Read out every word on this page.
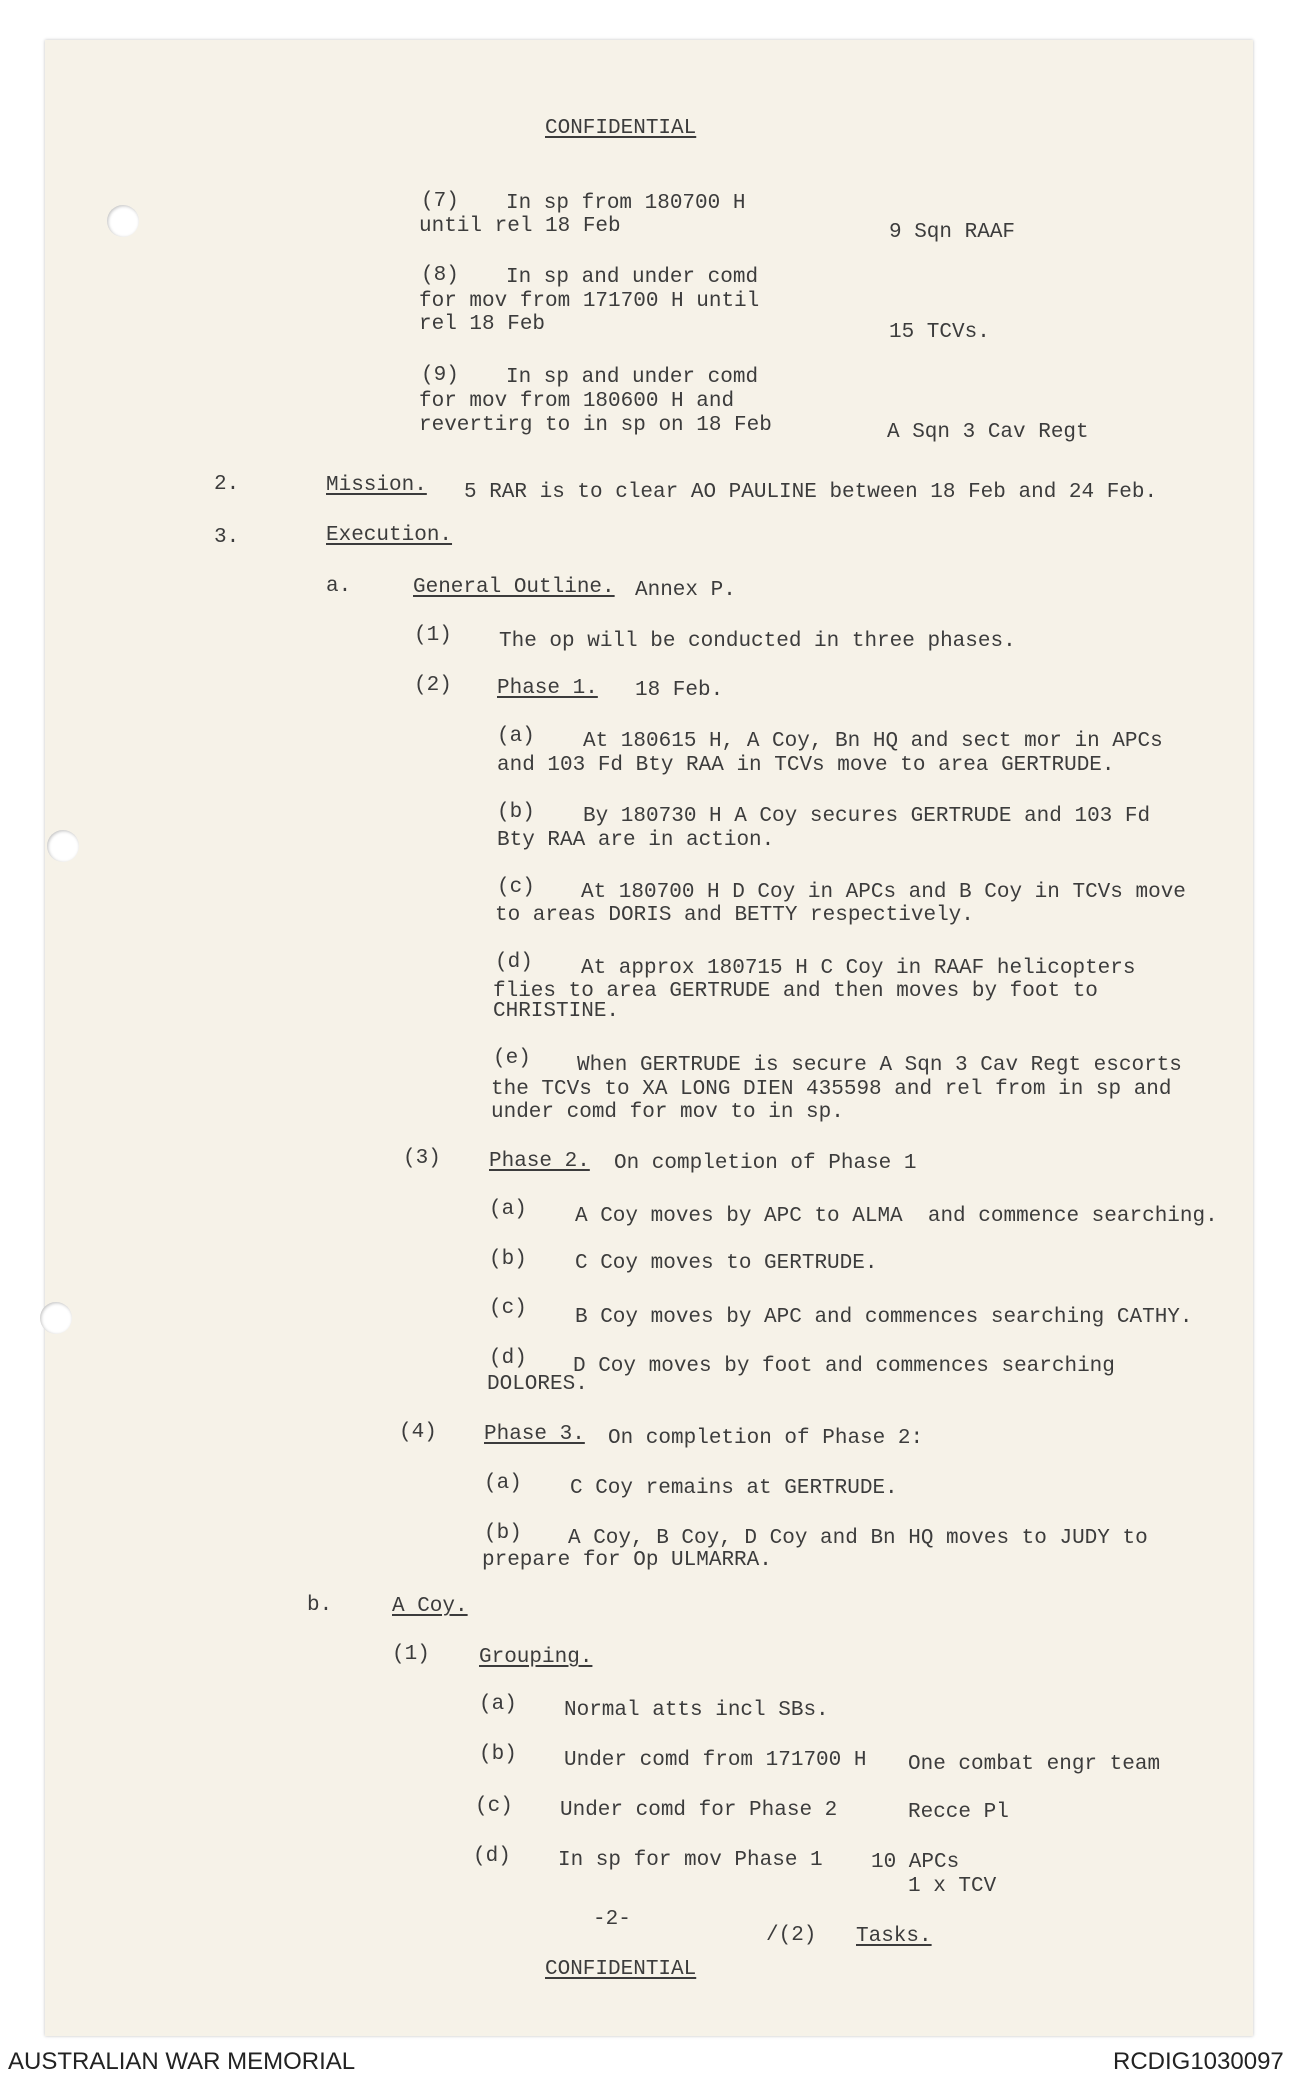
CONFIDENTIAL
(7) In sp from 180700 H
until rel 18 Feb	9 Sqn RAAF
(8) In sp and under comd
for mov from 171700 H until
rel 18 Feb	15 TCVs.
(9) In sp and under comd
for mov from 180600 H and
revertirg to in sp on 18 Feb	A Sqn 3 Cav Regt
2.	Mission. 5 RAR is to clear AO PAULINE between 18 Feb and 24 Feb.
3.	Execution.
a.	General Outline. Annex P.
(1) The op will be conducted in three phases.
(2) Phase 1. 18 Feb.
(a) At 180615 H, A Coy, Bn HQ and sect mor in APCs
and 103 Fd Bty RAA in TCVs move to area GERTRUDE.
(b) By 180730 H A Coy secures GERTRUDE and 103 Fd
Bty RAA are in action.
(c) At 180700 H D Coy in APCs and B Coy in TCVs move
to areas DORIS and BETTY respectively.
(d) At approx 180715 H C Coy in RAAF helicopters
flies to area GERTRUDE and then moves by foot to
CHRISTINE.
(e) When GERTRUDE is secure A Sqn 3 Cav Regt escorts
the TCVs to XA LONG DIEN 435598 and rel from in sp and
under comd for mov to in sp.
(3) Phase 2. On completion of Phase 1
(a) A Coy moves by APC to ALMA  and commence searching.
(b) C Coy moves to GERTRUDE.
(c) B Coy moves by APC and commences searching CATHY.
(d) D Coy moves by foot and commences searching
DOLORES.
(4) Phase 3. On completion of Phase 2:
(a) C Coy remains at GERTRUDE.
(b) A Coy, B Coy, D Coy and Bn HQ moves to JUDY to
prepare for Op ULMARRA.
b.	A Coy.
(1) Grouping.
(a) Normal atts incl SBs.
(b) Under comd from 171700 H One combat engr team
(c) Under comd for Phase 2	Recce Pl
(d) In sp for mov Phase 1 10 APCs
1 x TCV
-2-
/(2) Tasks.
CONFIDENTIAL
AUSTRALIAN WAR MEMORIAL	RCDIG1030097
